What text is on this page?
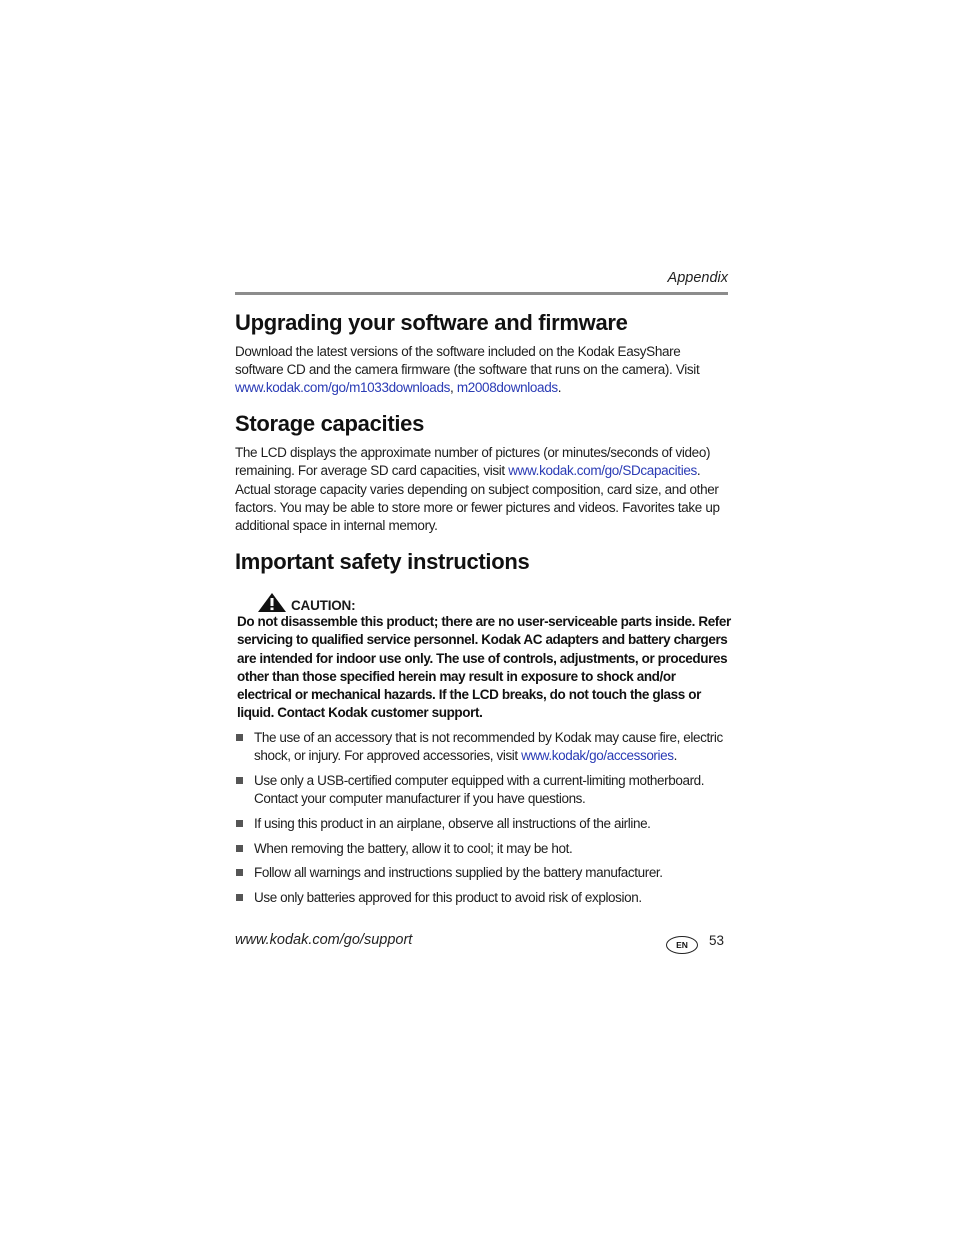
Appendix
Upgrading your software and firmware

Download the latest versions of the software included on the Kodak EasyShare software CD and the camera firmware (the software that runs on the camera). Visit www.kodak.com/go/m1033downloads, m2008downloads.

Storage capacities

The LCD displays the approximate number of pictures (or minutes/seconds of video) remaining. For average SD card capacities, visit www.kodak.com/go/SDcapacities.

Actual storage capacity varies depending on subject composition, card size, and other factors. You may be able to store more or fewer pictures and videos. Favorites take up additional space in internal memory.

Important safety instructions
CAUTION:

Do not disassemble this product; there are no user-serviceable parts inside. Refer servicing to qualified service personnel. Kodak AC adapters and battery chargers are intended for indoor use only. The use of controls, adjustments, or procedures other than those specified herein may result in exposure to shock and/or electrical or mechanical hazards. If the LCD breaks, do not touch the glass or liquid. Contact Kodak customer support.

The use of an accessory that is not recommended by Kodak may cause fire, electric shock, or injury. For approved accessories, visit www.kodak/go/accessories.
Use only a USB-certified computer equipped with a current-limiting motherboard. Contact your computer manufacturer if you have questions.
If using this product in an airplane, observe all instructions of the airline.
When removing the battery, allow it to cool; it may be hot.
Follow all warnings and instructions supplied by the battery manufacturer.
Use only batteries approved for this product to avoid risk of explosion.
www.kodak.com/go/support	EN	53
